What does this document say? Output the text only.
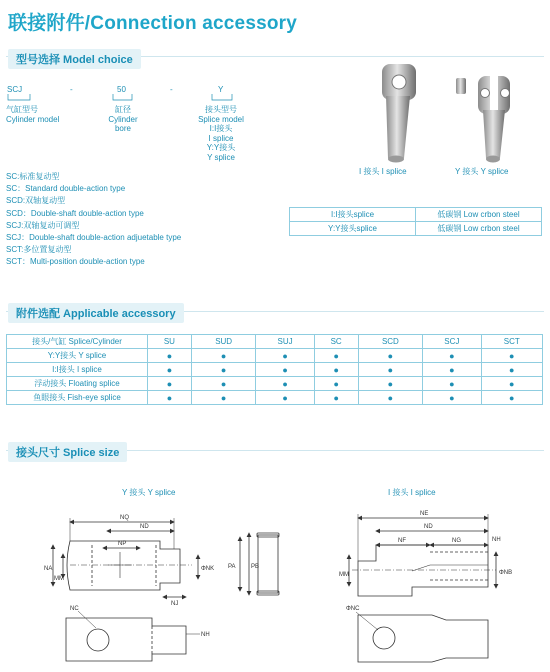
联接附件/Connection accessory
型号选择 Model choice
SCJ	-	50	-	Y
气缸型号
Cylinder model
缸径
Cylinder
bore
接头型号
Splice model
I:I接头
I splice
Y:Y接头
Y splice
SC:标准复动型
SC：Standard double-action type
SCD:双轴复动型
SCD：Double-shaft double-action type
SCJ:双轴复动可调型
SCJ：Double-shaft double-action adjuetable type
SCT:多位置复动型
SCT：Multi-position double-action type
I 接头 I splice	Y 接头 Y splice
I:I接头splice	低碳钢 Low crbon steel
Y:Y接头splice	低碳钢 Low crbon steel
附件选配 Applicable accessory
接头/气缸 Splice/Cylinder	SU	SUD	SUJ	SC	SCD	SCJ	SCT
Y:Y接头 Y splice	●	●	●	●	●	●	●
I:I接头 I splice	●	●	●	●	●	●	●
浮动接头 Floating splice	●	●	●	●	●	●	●
鱼眼接头 Fish-eye splice	●	●	●	●	●	●	●
接头尺寸 Splice size
Y 接头 Y splice	I 接头 I splice
NQ
ND
NP
NA
MM
ΦNK
NJ
PA	PB
NC
NH
NE
ND
NF	NG	NH
MM	ΦNB
ΦNC
